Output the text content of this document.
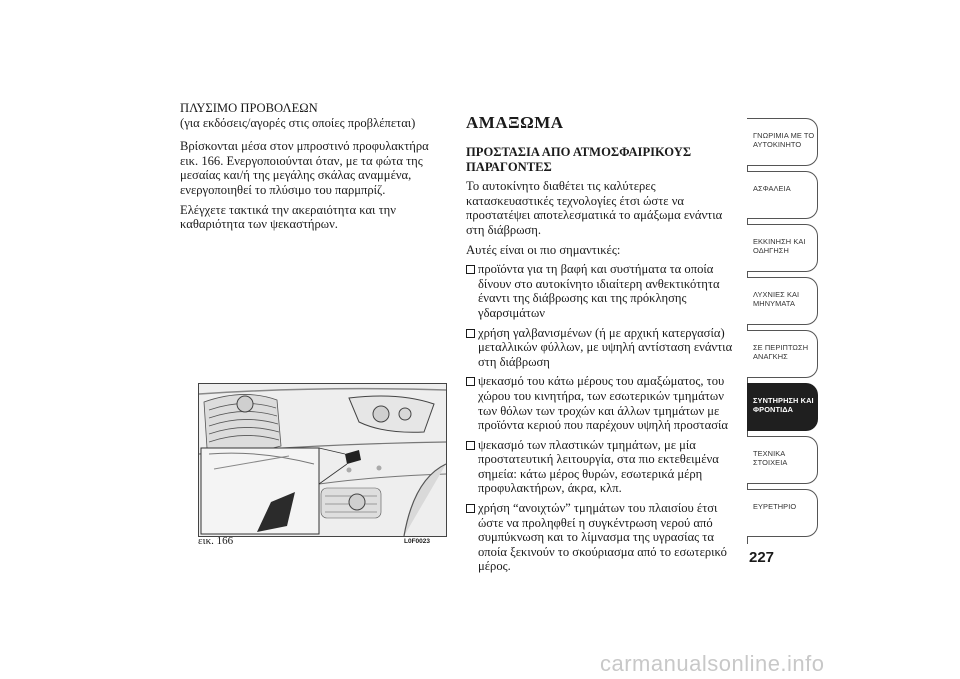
ΠΛΥΣΙΜΟ ΠΡΟΒΟΛΕΩΝ
(για εκδόσεις/αγορές στις οποίες προβλέπεται)
Βρίσκονται μέσα στον μπροστινό προφυλακτήρα εικ. 166. Ενεργοποιούνται όταν, με τα φώτα της μεσαίας και/ή της μεγάλης σκάλας αναμμένα, ενεργοποιηθεί το πλύσιμο του παρμπρίζ.
Ελέγχετε τακτικά την ακεραιότητα και την καθαριότητα των ψεκαστήρων.
εικ. 166	L0F0023
ΑΜΑΞΩΜΑ
ΠΡΟΣΤΑΣΙΑ ΑΠΟ ΑΤΜΟΣΦΑΙΡΙΚΟΥΣ ΠΑΡΑΓΟΝΤΕΣ
Το αυτοκίνητο διαθέτει τις καλύτερες κατασκευαστικές τεχνολογίες έτσι ώστε να προστατέψει αποτελεσματικά το αμάξωμα ενάντια στη διάβρωση.
Αυτές είναι οι πιο σημαντικές:
προϊόντα για τη βαφή και συστήματα τα οποία δίνουν στο αυτοκίνητο ιδιαίτερη ανθεκτικότητα έναντι της διάβρωσης και της πρόκλησης γδαρσιμάτων
χρήση γαλβανισμένων (ή με αρχική κατεργασία) μεταλλικών φύλλων, με υψηλή αντίσταση ενάντια στη διάβρωση
ψεκασμό του κάτω μέρους του αμαξώματος, του χώρου του κινητήρα, των εσωτερικών τμημάτων των θόλων των τροχών και άλλων τμημάτων με προϊόντα κεριού που παρέχουν υψηλή προστασία
ψεκασμό των πλαστικών τμημάτων, με μία προστατευτική λειτουργία, στα πιο εκτεθειμένα σημεία: κάτω μέρος θυρών, εσωτερικά μέρη προφυλακτήρων, άκρα, κλπ.
χρήση “ανοιχτών” τμημάτων του πλαισίου έτσι ώστε να προληφθεί η συγκέντρωση νερού από συμπύκνωση και το λίμνασμα της υγρασίας τα οποία ξεκινούν το σκούριασμα από το εσωτερικό μέρος.
ΓΝΩΡΙΜΙΑ ΜΕ ΤΟ ΑΥΤΟΚΙΝΗΤΟ
ΑΣΦΑΛΕΙΑ
ΕΚΚΙΝΗΣΗ ΚΑΙ ΟΔΗΓΗΣΗ
ΛΥΧΝΙΕΣ ΚΑΙ ΜΗΝΥΜΑΤΑ
ΣΕ ΠΕΡΙΠΤΩΣΗ ΑΝΑΓΚΗΣ
ΣΥΝΤΗΡΗΣΗ ΚΑΙ ΦΡΟΝΤΙΔΑ
ΤΕΧΝΙΚΑ ΣΤΟΙΧΕΙΑ
ΕΥΡΕΤΗΡΙΟ
227
carmanualsonline.info
